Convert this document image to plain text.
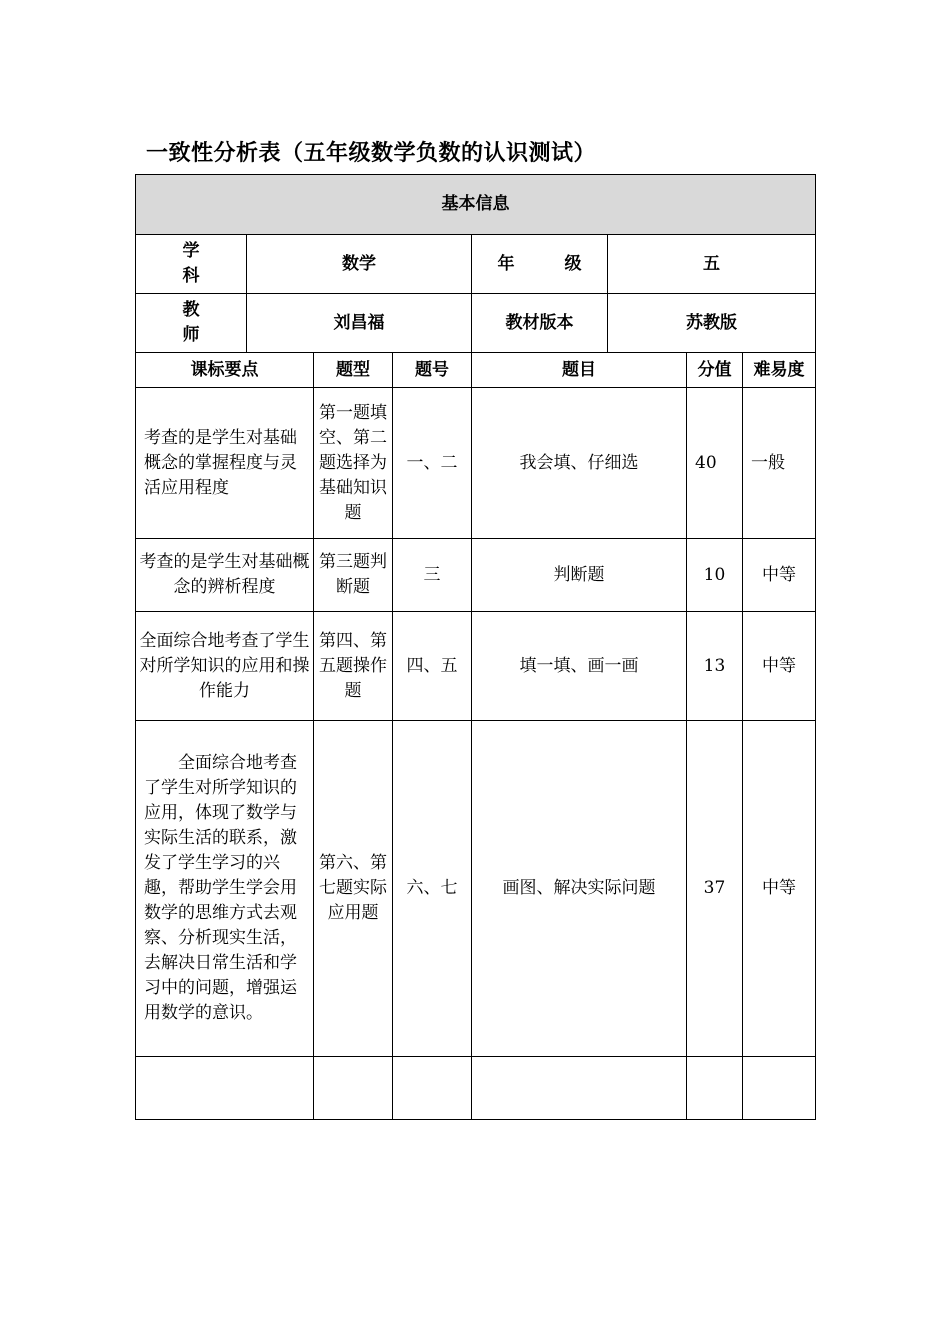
一致性分析表（五年级数学负数的认识测试）
基本信息							
学 科	数学			年 级	五		
教 师	刘昌福			教材版本	苏教版		
课标要点		题型	题号	题目		分值	难易度
考查的是学生对基础概念的掌握程度与灵活应用程度		第一题填空、第二题选择为基础知识题	一、二	我会填、仔细选		40	一般
考查的是学生对基础概念的辨析程度		第三题判断题	三	判断题		10	中等
全面综合地考查了学生对所学知识的应用和操作能力		第四、第五题操作题	四、五	填一填、画一画		13	中等
全面综合地考查了学生对所学知识的应用，体现了数学与实际生活的联系，激发了学生学习的兴趣，帮助学生学会用数学的思维方式去观察、分析现实生活，去解决日常生活和学习中的问题，增强运用数学的意识。		第六、第七题实际应用题	六、七	画图、解决实际问题		37	中等
